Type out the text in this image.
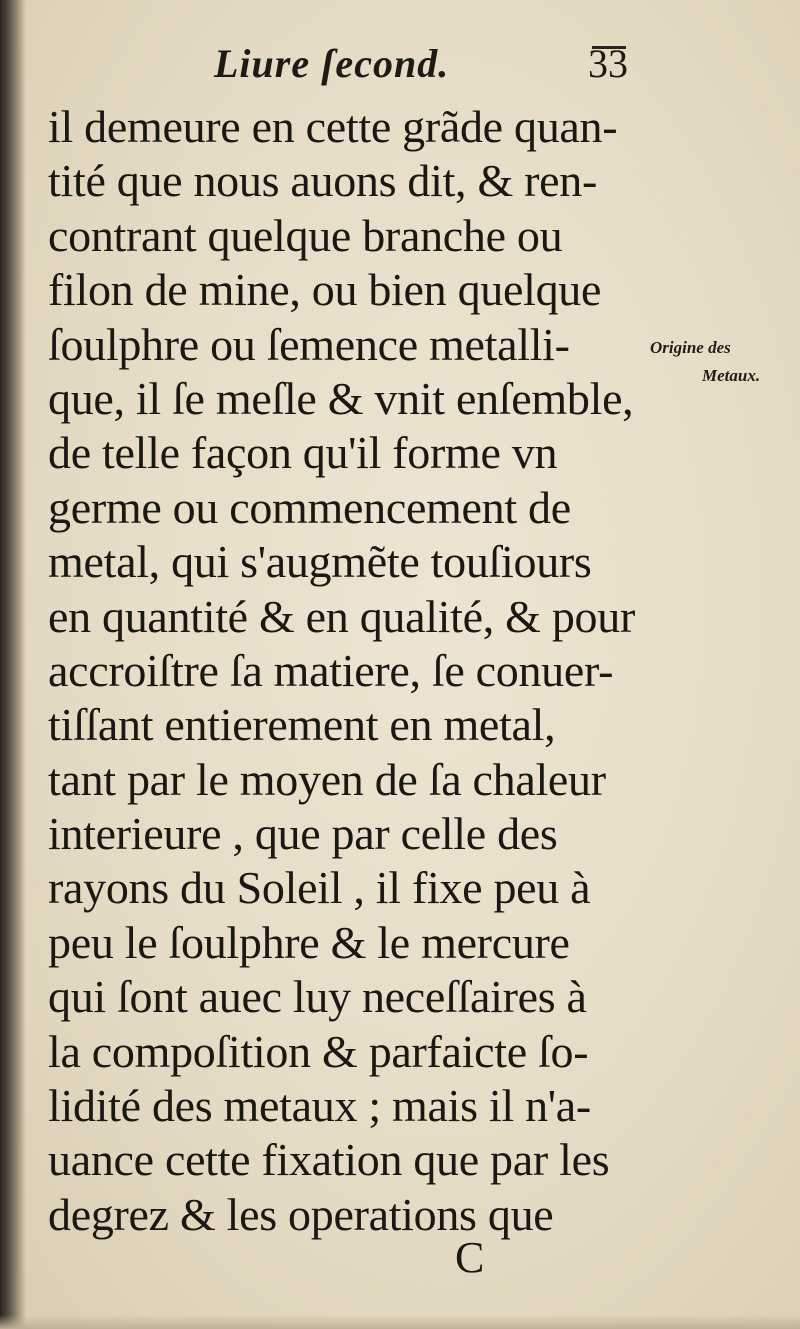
Liure ſecond.	33
il demeure en cette grãde quan-
tité que nous auons dit, & ren-
contrant quelque branche ou
filon de mine, ou bien quelque
ſoulphre ou ſemence metalli-
que, il ſe meſle & vnit enſemble,
de telle façon qu'il forme vn
germe ou commencement de
metal, qui s'augmẽte touſiours
en quantité & en qualité, & pour
accroiſtre ſa matiere, ſe conuer-
tiſſant entierement en metal,
tant par le moyen de ſa chaleur
interieure , que par celle des
rayons du Soleil , il fixe peu à
peu le ſoulphre & le mercure
qui ſont auec luy neceſſaires à
la compoſition & parfaicte ſo-
lidité des metaux ; mais il n'a-
uance cette fixation que par les
degrez & les operations que
Origine des
Metaux.
C
